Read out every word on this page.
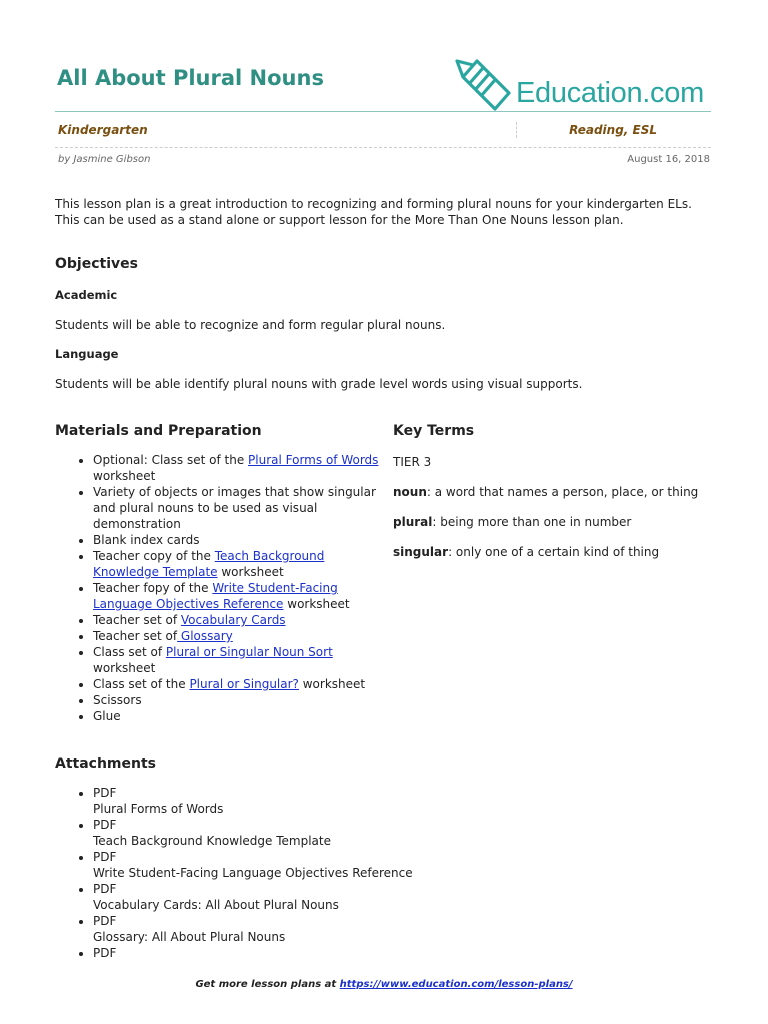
All About Plural Nouns	Education.com
Kindergarten	Reading, ESL
by Jasmine Gibson	August 16, 2018

This lesson plan is a great introduction to recognizing and forming plural nouns for your kindergarten ELs. This can be used as a stand alone or support lesson for the More Than One Nouns lesson plan.

Objectives
Academic

Students will be able to recognize and form regular plural nouns.

Language

Students will be able identify plural nouns with grade level words using visual supports.

Materials and Preparation
• Optional: Class set of the Plural Forms of Words worksheet
• Variety of objects or images that show singular and plural nouns to be used as visual demonstration
• Blank index cards
• Teacher copy of the Teach Background Knowledge Template worksheet
• Teacher fopy of the Write Student-Facing Language Objectives Reference worksheet
• Teacher set of Vocabulary Cards
• Teacher set of Glossary
• Class set of Plural or Singular Noun Sort worksheet
• Class set of the Plural or Singular? worksheet
• Scissors
• Glue
Key Terms

TIER 3

noun: a word that names a person, place, or thing

plural: being more than one in number

singular: only one of a certain kind of thing

Attachments
• PDF
Plural Forms of Words
• PDF
Teach Background Knowledge Template
• PDF
Write Student-Facing Language Objectives Reference
• PDF
Vocabulary Cards: All About Plural Nouns
• PDF
Glossary: All About Plural Nouns
• PDF
Get more lesson plans at https://www.education.com/lesson-plans/
